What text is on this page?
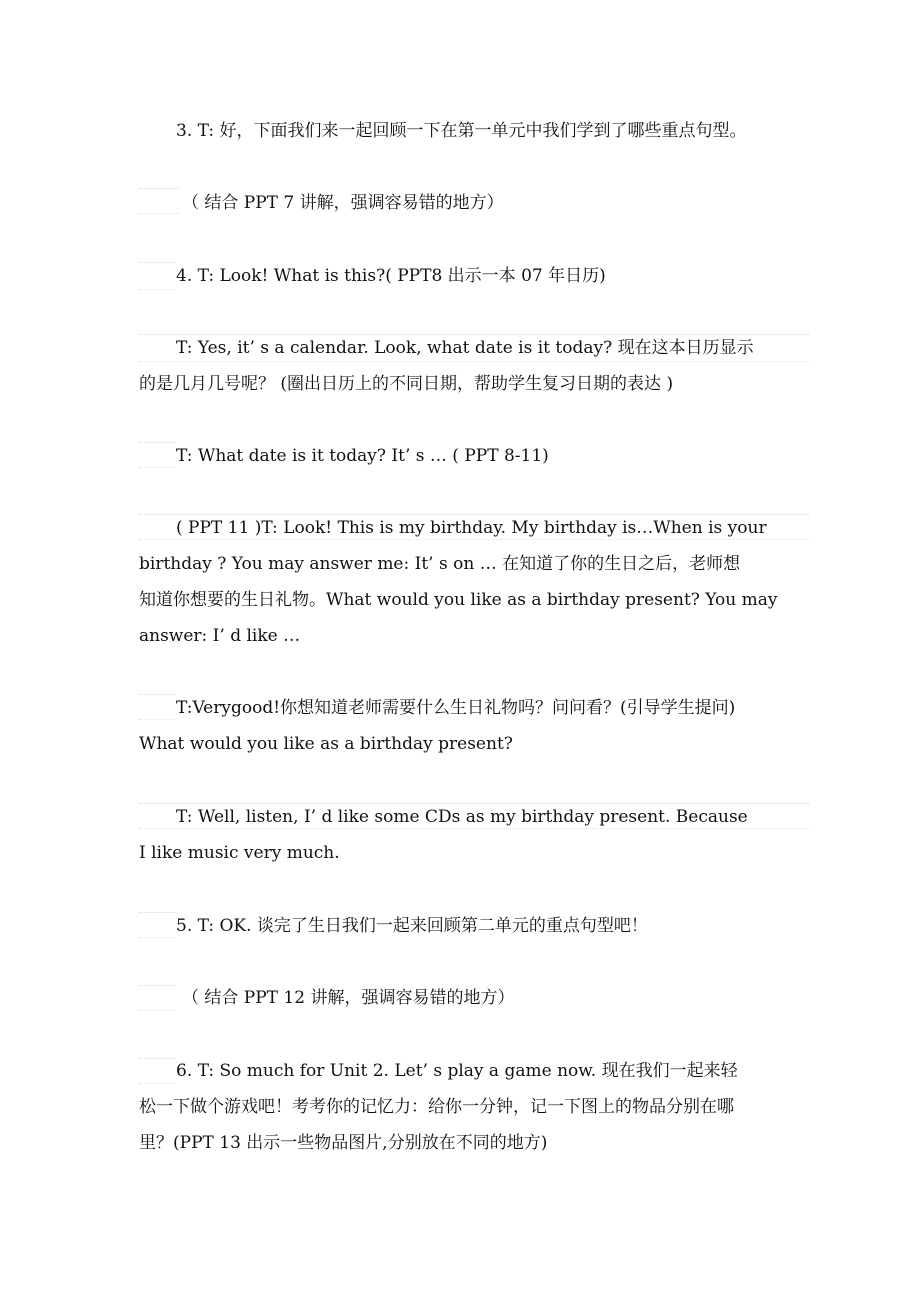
3. T: 好，下面我们来一起回顾一下在第一单元中我们学到了哪些重点句型。
（ 结合 PPT 7 讲解，强调容易错的地方）
4. T: Look! What is this?( PPT8 出示一本 07 年日历)
T: Yes, it’ s a calendar. Look, what date is it today? 现在这本日历显示
的是几月几号呢？ (圈出日历上的不同日期，帮助学生复习日期的表达 )
T: What date is it today? It’ s … ( PPT 8-11)
( PPT 11 )T: Look! This is my birthday. My birthday is…When is your
birthday ? You may answer me: It’ s on … 在知道了你的生日之后，老师想
知道你想要的生日礼物。What would you like as a birthday present? You may
answer: I’ d like …
T:Verygood!你想知道老师需要什么生日礼物吗？问问看？(引导学生提问)
What would you like as a birthday present?
T: Well, listen, I’ d like some CDs as my birthday present. Because
I like music very much.
5. T: OK. 谈完了生日我们一起来回顾第二单元的重点句型吧！
（ 结合 PPT 12 讲解，强调容易错的地方）
6. T: So much for Unit 2. Let’ s play a game now. 现在我们一起来轻
松一下做个游戏吧！考考你的记忆力：给你一分钟，记一下图上的物品分别在哪
里？(PPT 13 出示一些物品图片,分别放在不同的地方)
